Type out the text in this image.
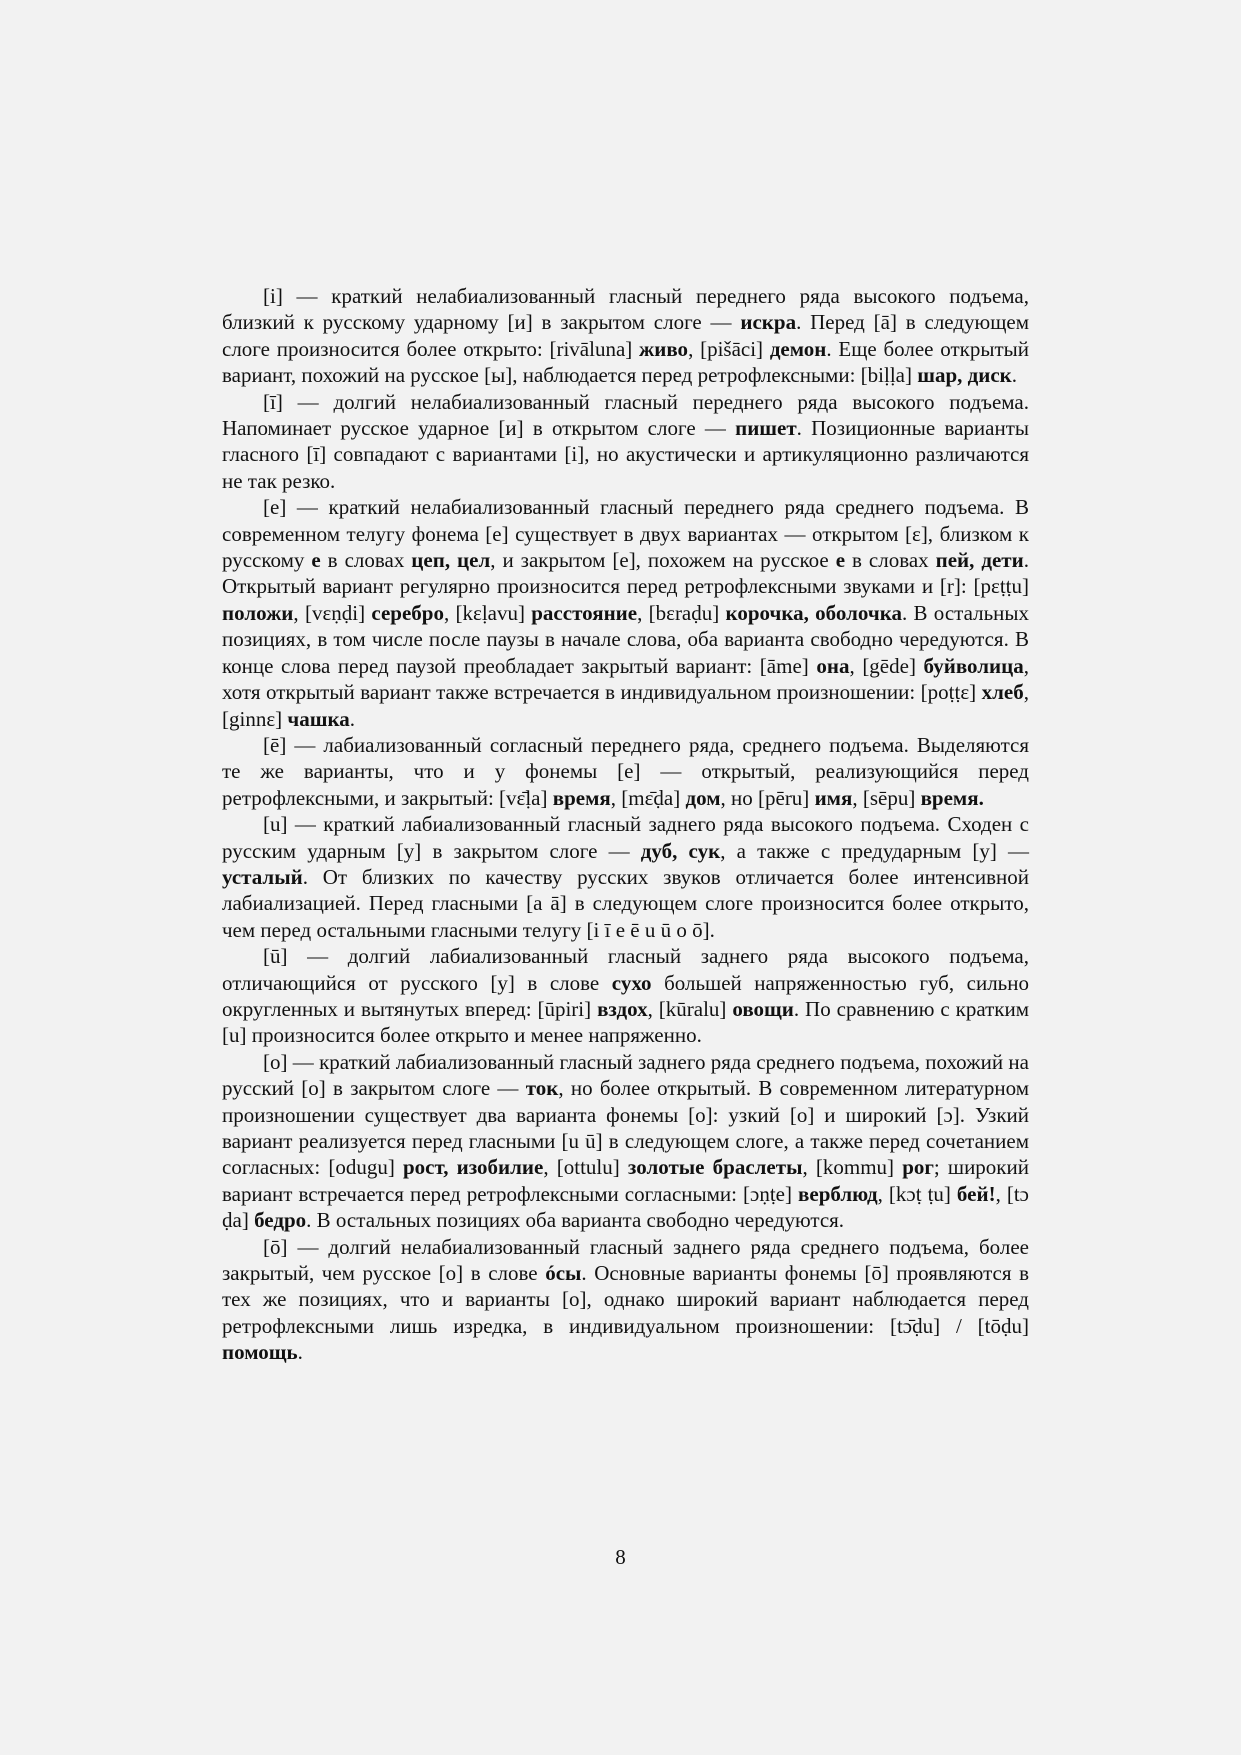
[i] — краткий нелабиализованный гласный переднего ряда высокого подъема, близкий к русскому ударному [и] в закрытом слоге — искра. Перед [ā] в следующем слоге произносится более открыто: [rivāluna] живо, [pišāci] демон. Еще более открытый вариант, похожий на русское [ы], наблюдается перед ретрофлексными: [biḷḷa] шар, диск.

[ī] — долгий нелабиализованный гласный переднего ряда высокого подъема. Напоминает русское ударное [и] в открытом слоге — пишет. Позиционные варианты гласного [ī] совпадают с вариантами [i], но акустически и артикуляционно различаются не так резко.

[e] — краткий нелабиализованный гласный переднего ряда среднего подъема. В современном телугу фонема [e] существует в двух вариантах — открытом [ɛ], близком к русскому е в словах цеп, цел, и закрытом [e], похожем на русское е в словах пей, дети. Открытый вариант регулярно произносится перед ретрофлексными звуками и [r]: [pɛṭṭu] положи, [vɛṇḍi] серебро, [kɛḷavu] расстояние, [bɛraḍu] корочка, оболочка. В остальных позициях, в том числе после паузы в начале слова, оба варианта свободно чередуются. В конце слова перед паузой преобладает закрытый вариант: [āme] она, [gēde] буйволица, хотя открытый вариант также встречается в индивидуальном произношении: [poṭṭɛ] хлеб, [ginnɛ] чашка.

[ē] — лабиализованный согласный переднего ряда, среднего подъема. Выделяются те же варианты, что и у фонемы [e] — открытый, реализующийся перед ретрофлексными, и закрытый: [vɛ̄ḷa] время, [mɛ̄ḍa] дом, но [pēru] имя, [sēpu] время.

[u] — краткий лабиализованный гласный заднего ряда высокого подъема. Сходен с русским ударным [у] в закрытом слоге — дуб, сук, а также с предударным [у] — усталый. От близких по качеству русских звуков отличается более интенсивной лабиализацией. Перед гласными [a ā] в следующем слоге произносится более открыто, чем перед остальными гласными телугу [i ī e ē u ū o ō].

[ū] — долгий лабиализованный гласный заднего ряда высокого подъема, отличающийся от русского [у] в слове сухо большей напряженностью губ, сильно округленных и вытянутых вперед: [ūpiri] вздох, [kūralu] овощи. По сравнению с кратким [u] произносится более открыто и менее напряженно.

[o] — краткий лабиализованный гласный заднего ряда среднего подъема, похожий на русский [о] в закрытом слоге — ток, но более открытый. В современном литературном произношении существует два варианта фонемы [o]: узкий [o] и широкий [ɔ]. Узкий вариант реализуется перед гласными [u ū] в следующем слоге, а также перед сочетанием согласных: [odugu] рост, изобилие, [ottulu] золотые браслеты, [kommu] рог; широкий вариант встречается перед ретрофлексными согласными: [ɔṇṭe] верблюд, [kɔṭ ṭu] бей!, [tɔ ḍa] бедро. В остальных позициях оба варианта свободно чередуются.

[ō] — долгий нелабиализованный гласный заднего ряда среднего подъема, более закрытый, чем русское [о] в слове óсы. Основные варианты фонемы [ō] проявляются в тех же позициях, что и варианты [o], однако широкий вариант наблюдается перед ретрофлексными лишь изредка, в индивидуальном произношении: [tɔ̄ḍu] / [tōḍu] помощь.

8
